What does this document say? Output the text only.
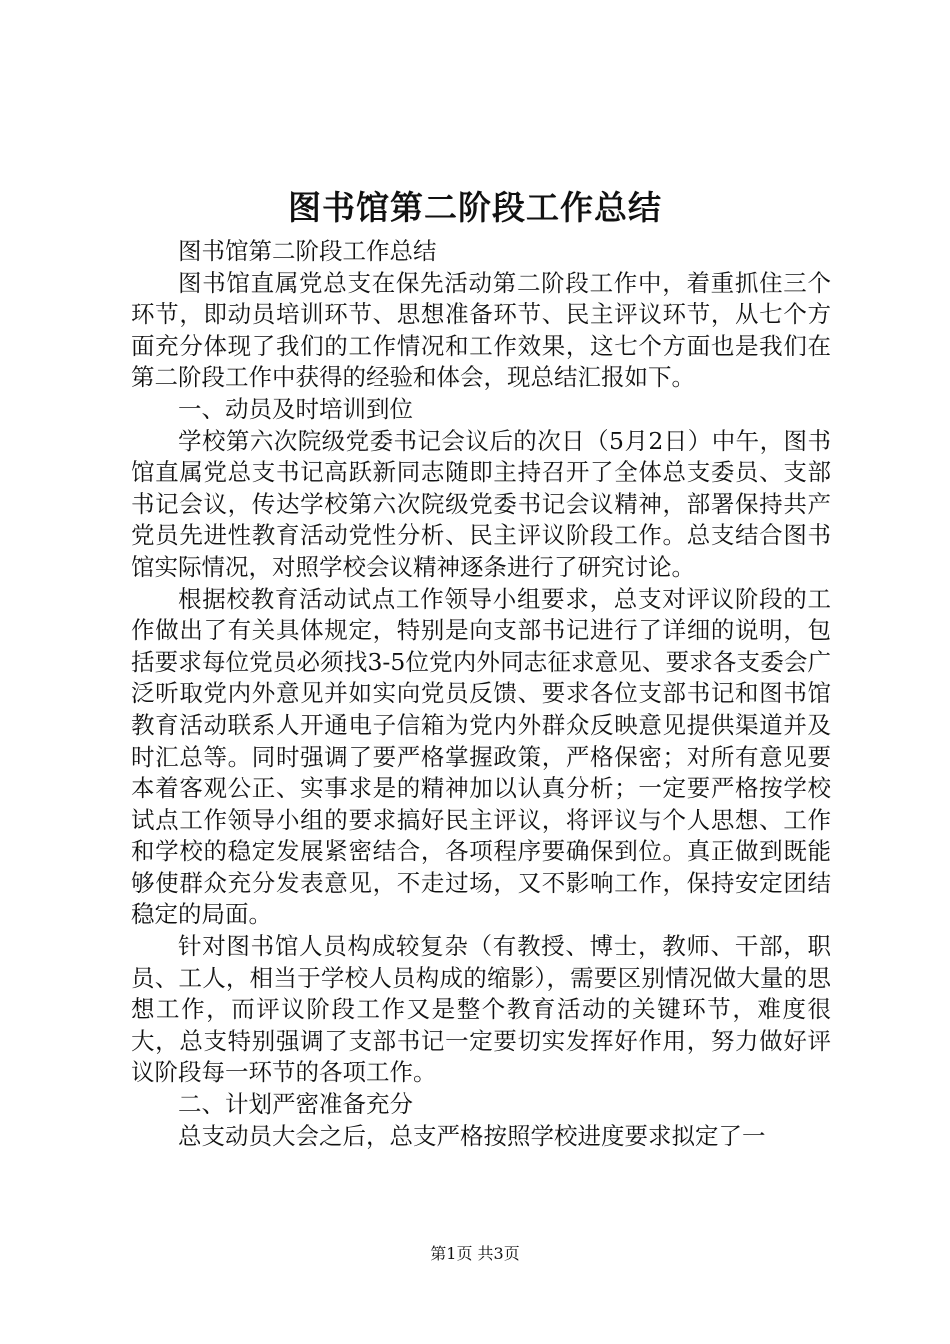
图书馆第二阶段工作总结

图书馆第二阶段工作总结

图书馆直属党总支在保先活动第二阶段工作中，着重抓住三个环节，即动员培训环节、思想准备环节、民主评议环节，从七个方面充分体现了我们的工作情况和工作效果，这七个方面也是我们在第二阶段工作中获得的经验和体会，现总结汇报如下。

一、动员及时培训到位

学校第六次院级党委书记会议后的次日（5月2日）中午，图书馆直属党总支书记高跃新同志随即主持召开了全体总支委员、支部书记会议，传达学校第六次院级党委书记会议精神，部署保持共产党员先进性教育活动党性分析、民主评议阶段工作。总支结合图书馆实际情况，对照学校会议精神逐条进行了研究讨论。

根据校教育活动试点工作领导小组要求，总支对评议阶段的工作做出了有关具体规定，特别是向支部书记进行了详细的说明，包括要求每位党员必须找3-5位党内外同志征求意见、要求各支委会广泛听取党内外意见并如实向党员反馈、要求各位支部书记和图书馆教育活动联系人开通电子信箱为党内外群众反映意见提供渠道并及时汇总等。同时强调了要严格掌握政策，严格保密；对所有意见要本着客观公正、实事求是的精神加以认真分析；一定要严格按学校试点工作领导小组的要求搞好民主评议，将评议与个人思想、工作和学校的稳定发展紧密结合，各项程序要确保到位。真正做到既能够使群众充分发表意见，不走过场，又不影响工作，保持安定团结稳定的局面。

针对图书馆人员构成较复杂（有教授、博士，教师、干部，职员、工人，相当于学校人员构成的缩影），需要区别情况做大量的思想工作，而评议阶段工作又是整个教育活动的关键环节，难度很大，总支特别强调了支部书记一定要切实发挥好作用，努力做好评议阶段每一环节的各项工作。

二、计划严密准备充分

总支动员大会之后，总支严格按照学校进度要求拟定了一

第1页 共3页
